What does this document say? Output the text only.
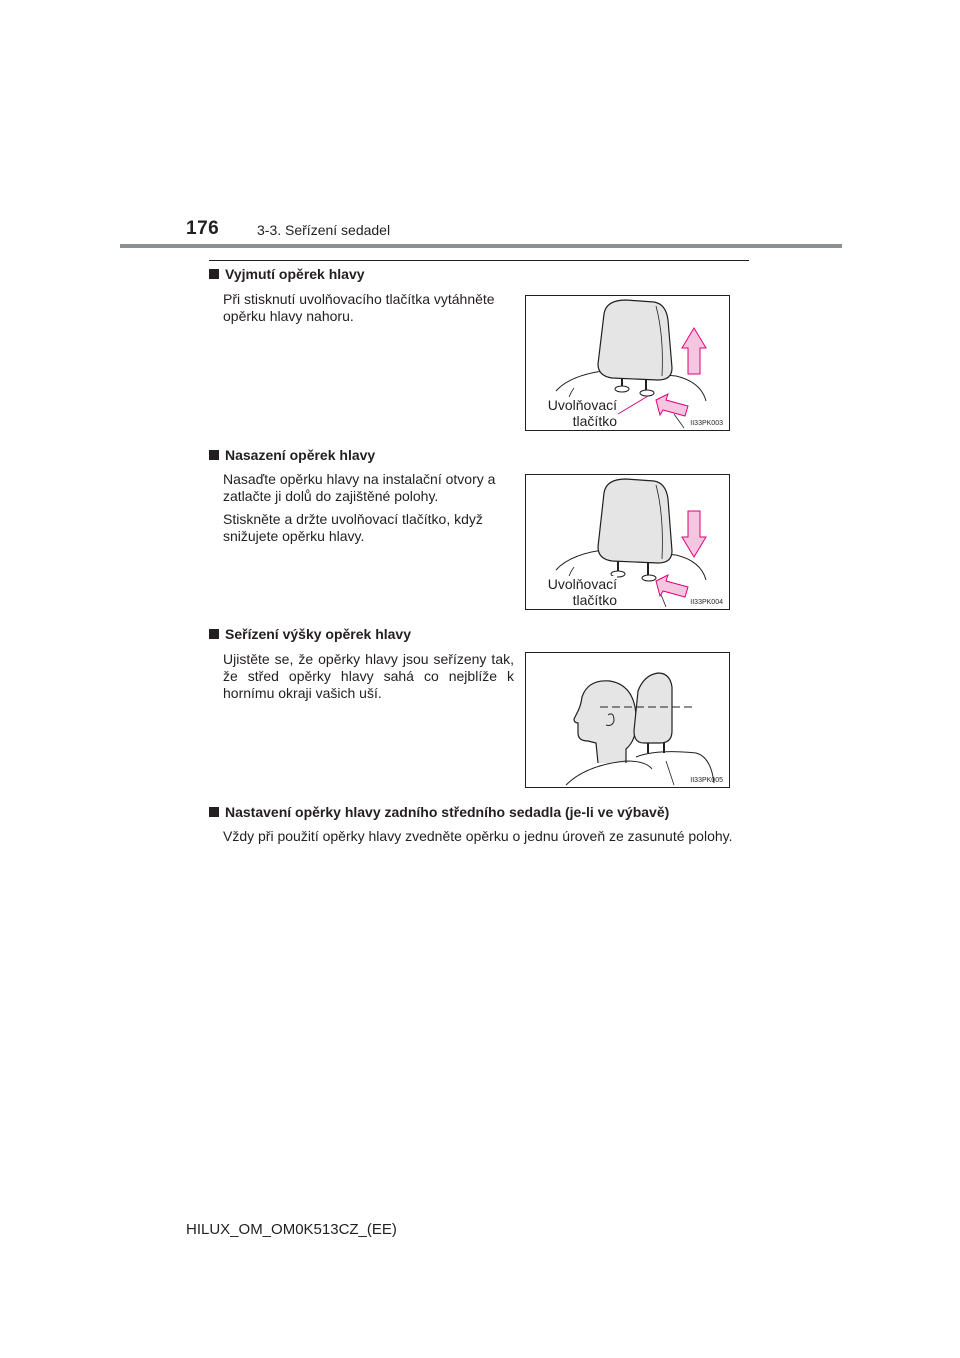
176	3-3. Seřízení sedadel
Vyjmutí opěrek hlavy
Při stisknutí uvolňovacího tlačítka vytáhněte opěrku hlavy nahoru.
Uvolňovací
tlačítko	II33PK003
Nasazení opěrek hlavy
Nasaďte opěrku hlavy na instalační otvory a zatlačte ji dolů do zajištěné polohy.
Stiskněte a držte uvolňovací tlačítko, když snižujete opěrku hlavy.
Uvolňovací
tlačítko	II33PK004
Seřízení výšky opěrek hlavy
Ujistěte se, že opěrky hlavy jsou seřízeny tak, že střed opěrky hlavy sahá co nejblíže k hornímu okraji vašich uší.
II33PK005
Nastavení opěrky hlavy zadního středního sedadla (je-li ve výbavě)
Vždy při použití opěrky hlavy zvedněte opěrku o jednu úroveň ze zasunuté polohy.
HILUX_OM_OM0K513CZ_(EE)
